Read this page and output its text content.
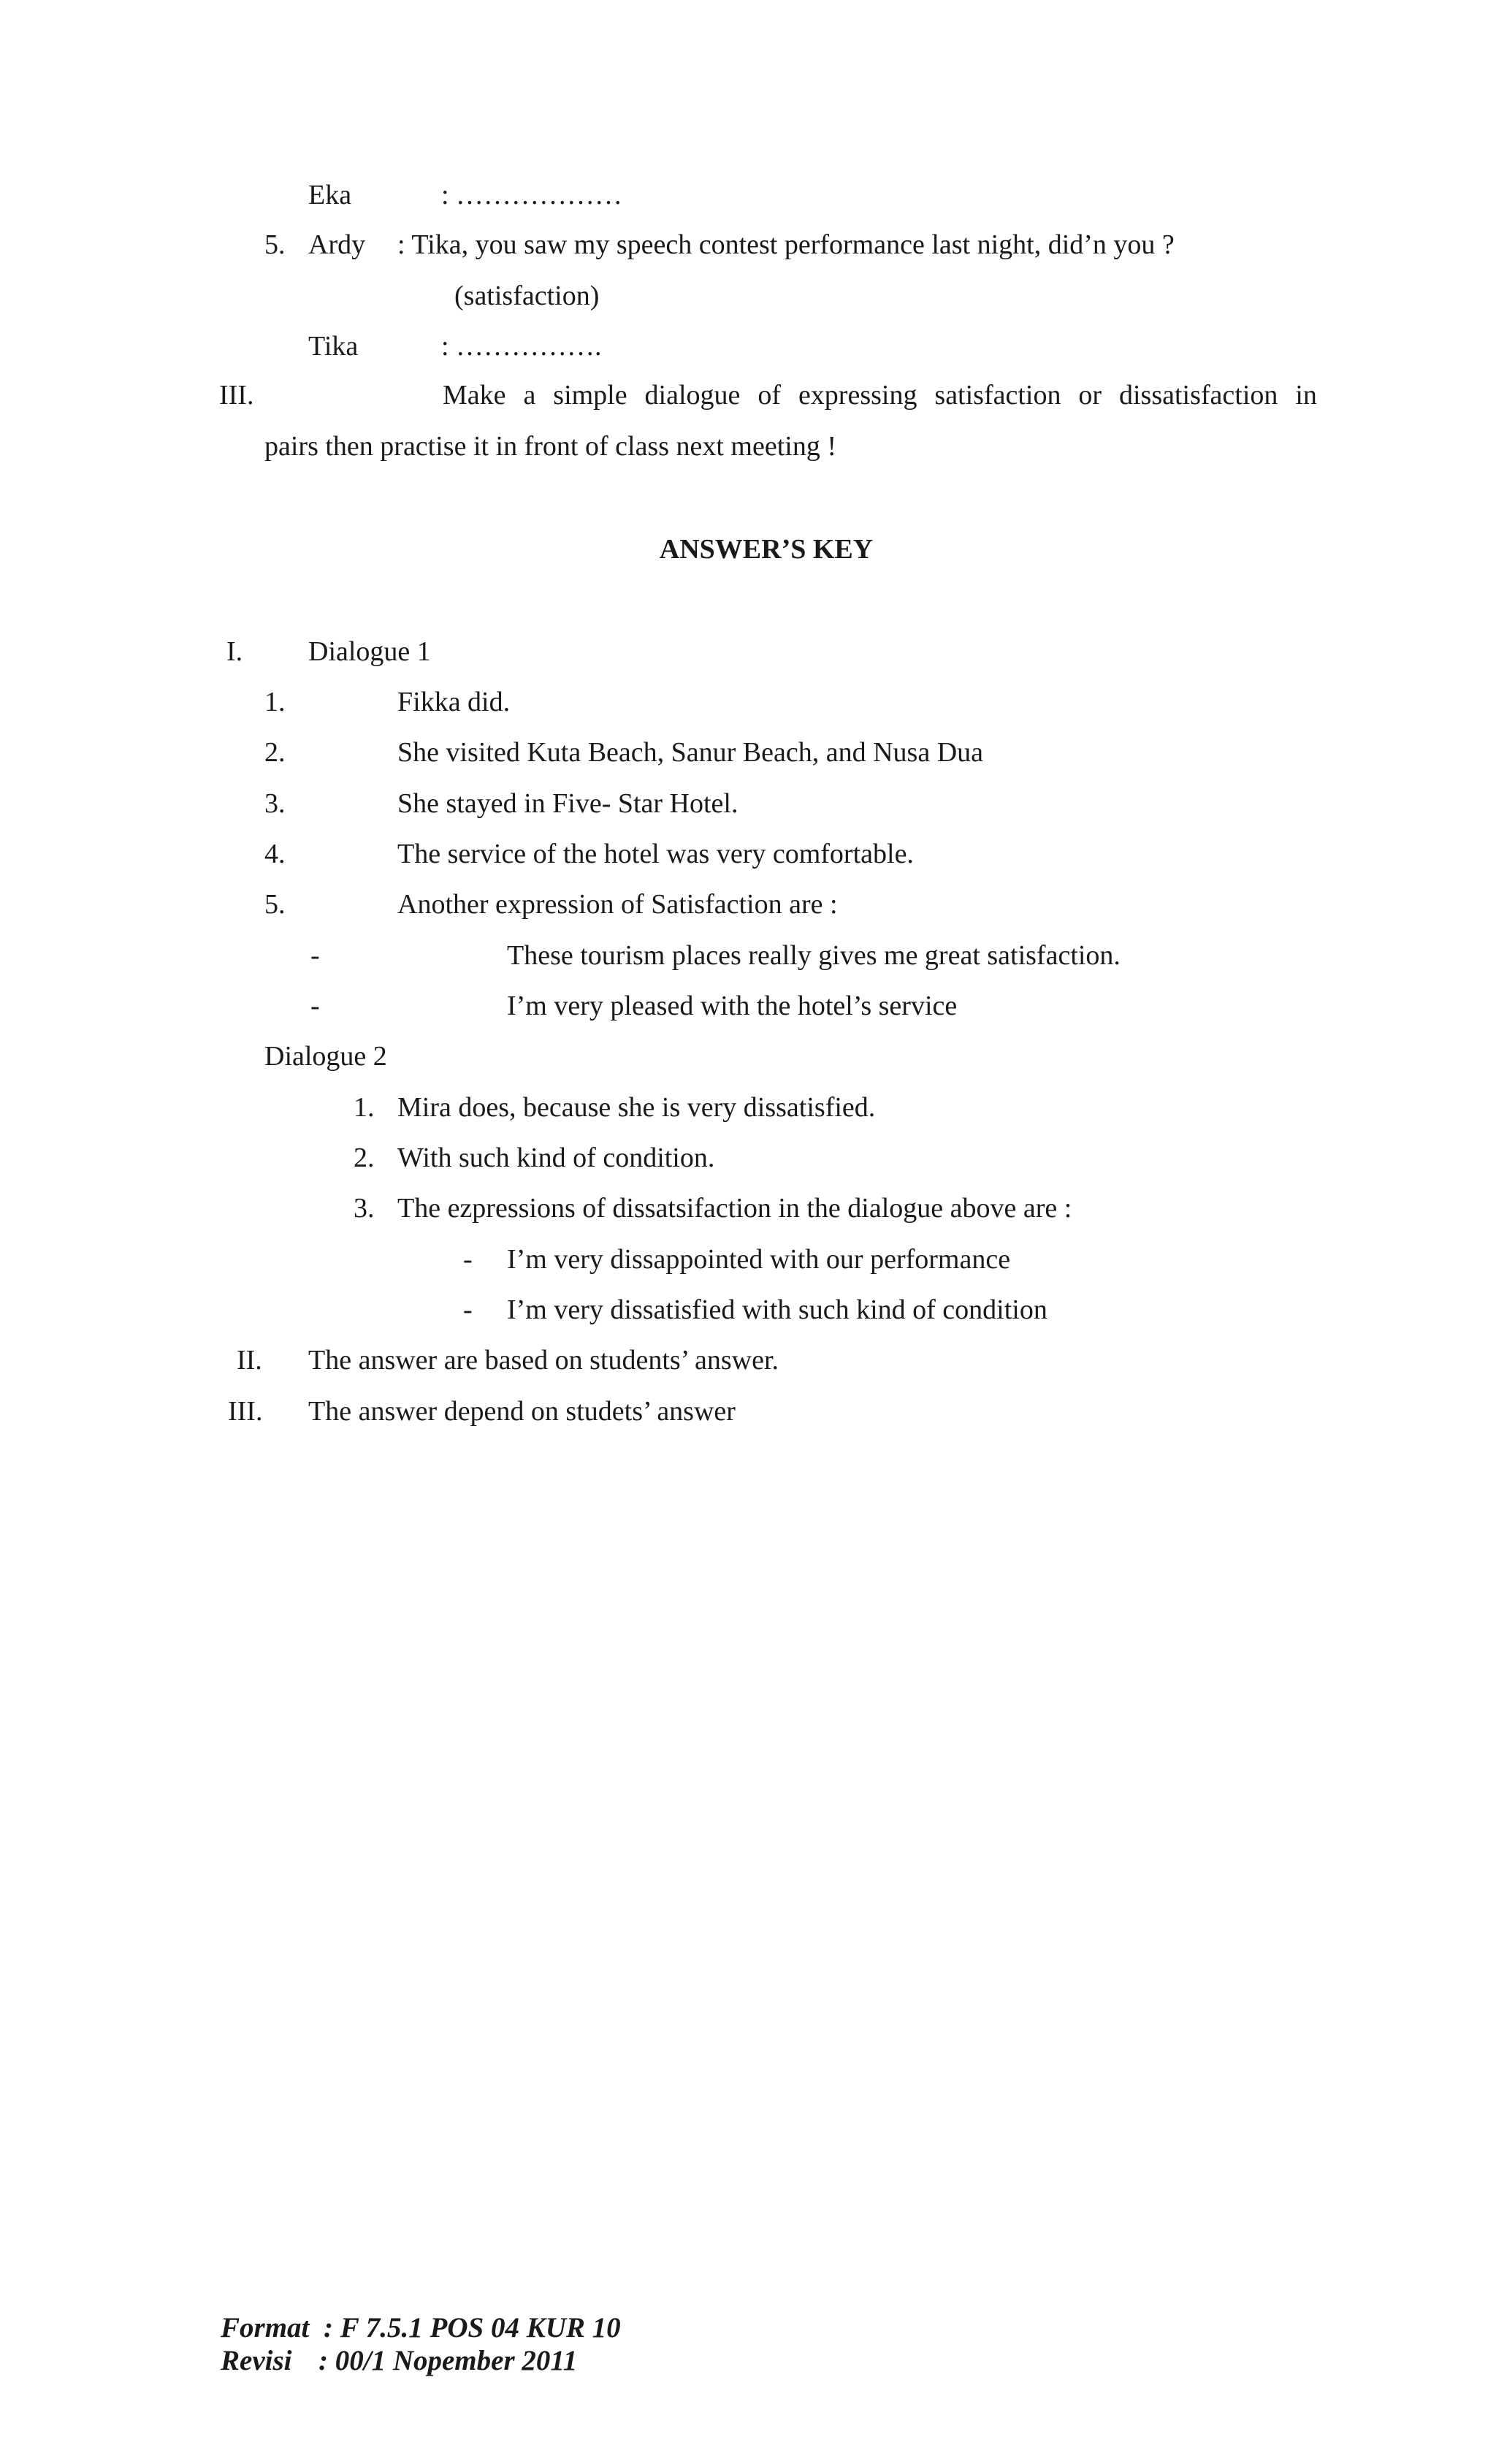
Eka	: ………………
5. Ardy : Tika, you saw my speech contest performance last night, did’n you ?
(satisfaction)
Tika	: …………….
III.	Make a simple dialogue of expressing satisfaction or dissatisfaction in
pairs then practise it in front of class next meeting !
ANSWER’S KEY
I. Dialogue 1
1.	Fikka did.
2.	She visited Kuta Beach, Sanur Beach, and Nusa Dua
3.	She stayed in Five- Star Hotel.
4.	The service of the hotel was very comfortable.
5.	Another expression of Satisfaction are :
-	These tourism places really gives me great satisfaction.
-	I’m very pleased with the hotel’s service
Dialogue 2
1. Mira does, because she is very dissatisfied.
2. With such kind of condition.
3. The ezpressions of dissatsifaction in the dialogue above are :
- I’m very dissappointed with our performance
- I’m very dissatisfied with such kind of condition
II. The answer are based on students’ answer.
III. The answer depend on studets’ answer
Format : F 7.5.1 POS 04 KUR 10
Revisi : 00/1 Nopember 2011
